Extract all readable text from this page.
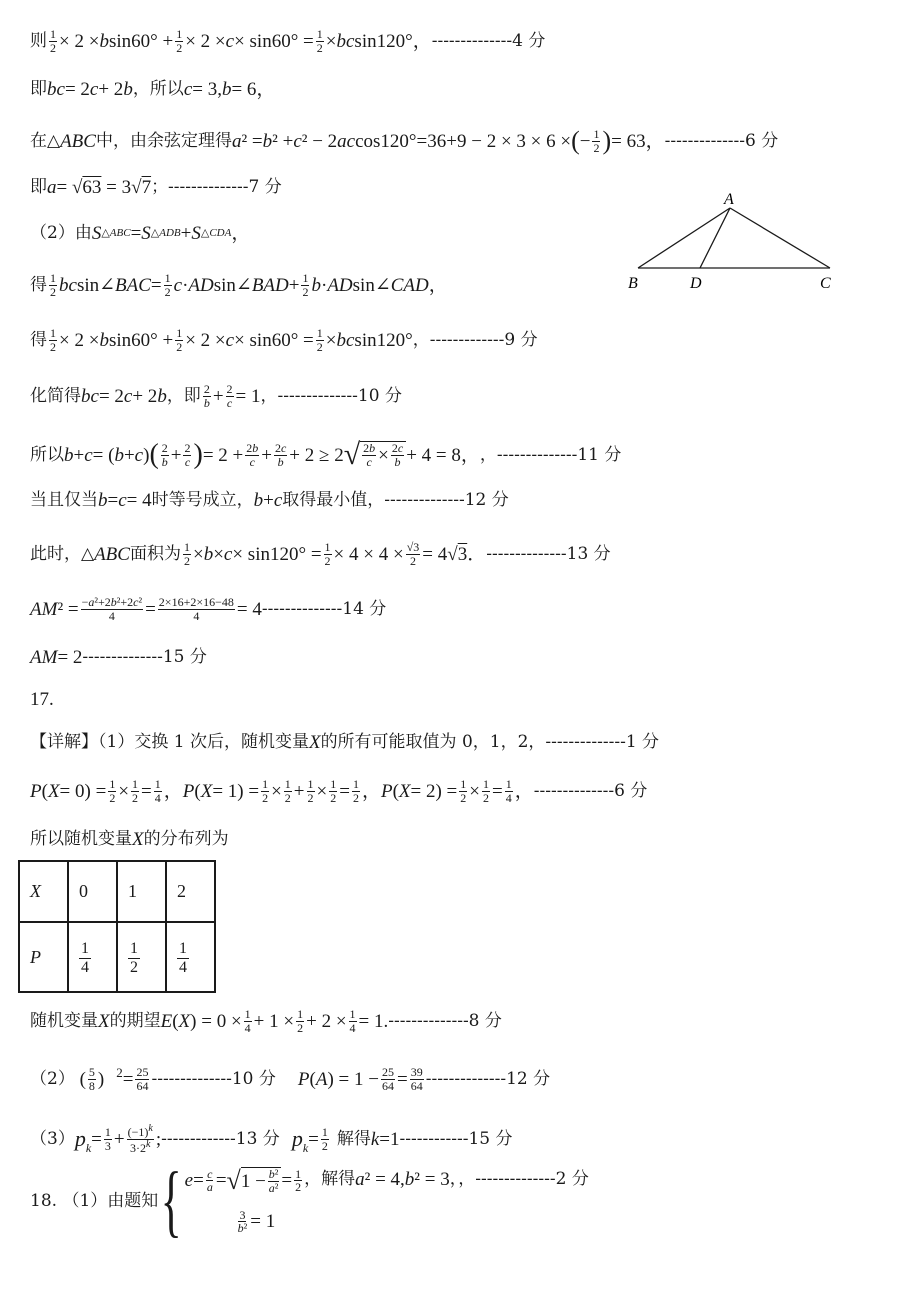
则 $\frac{1}{2} \times 2 \times b$ $\sin 60^\circ + \frac{1}{2} \times 2 \times c \times \sin 60^\circ = \frac{1}{2}$ × bc sin120°， --------------4 分
即 bc = 2 c + 2 b ，所以 c = 3, b = 6，
在△ ABC 中，由余弦定理得 a ² = b ² + c ² − 2 ac cos120° =36+9 − 2 × 3 × 6 × ( − $\frac{1}{2}$ ) = 63， --------------6 分
即 a = √63 = 3√7 ；--------------7 分
（2）由 S △ABC = S △ADB + S △CDA ，
得 $\frac{1}{2}$ bc sin∠ BAC = $\frac{1}{2}$ c · AD sin∠ BAD + $\frac{1}{2}$ b · AD sin∠ CAD ，
A
B	D	C
得 $\frac{1}{2} \times 2 \times b$ $\sin 60^\circ + \frac{1}{2} \times 2 \times c \times \sin 60^\circ = \frac{1}{2}$ × bc sin120° ，-------------9 分
化简得 bc = 2 c + 2 b ，即 $\frac{2}{b} + \frac{2}{c} = 1$ ，--------------10 分
所以 b + c = ( b + c ) ( $\frac{2}{b} + \frac{2}{c}$ ) = $2 + \frac{2b}{c} + \frac{2c}{b} + 2 \ge 2$ √ $\frac{2b}{c} \times \frac{2c}{b} + 4 = 8$， ，--------------11 分
当且仅当 b = c = 4 时等号成立， b + c 取得最小值， --------------12 分
此时，△ ABC 面积为 $\frac{1}{2} \times b \times c \times \sin 120^\circ = \frac{1}{2} \times 4 \times 4 \times \frac{√3}{2} = 4√3$． --------------13 分
AM $^2 = \frac{\text{−a²+2b²+2c²}}{4} = \frac{2\times 16+2\times 16-48}{4} = 4$ --------------14 分
AM = 2 --------------15 分
17.
【详解】（1）交换 1 次后，随机变量 X 的所有可能取值为 0，1，2， --------------1 分
P ( $X = 0) = \frac{1}{2} \times \frac{1}{2} = \frac{1}{4}$ ， P ( $X = 1) = \frac{1}{2} \times \frac{1}{2} + \frac{1}{2} \times \frac{1}{2} = \frac{1}{2}$ ， P ( $X = 2) = \frac{1}{2} \times \frac{1}{2} = \frac{1}{4}$ ， --------------6 分
所以随机变量 X 的分布列为
X	0	1	2
P	$\frac{1}{4}$	$\frac{1}{2}$	$\frac{1}{4}$
随机变量 X 的期望 E ( X ) = $0 \times \frac{1}{4} + 1 \times \frac{1}{2} + 2 \times \frac{1}{4} = 1$. --------------8 分
（2） ( $\frac{5}{8}$ ) $2 = \frac{25}{64} --------------10$ 分 P ( A ) = $1 - \frac{25}{64} = \frac{39}{64} --------------12$ 分
（3） p $k = \frac{1}{3} + \frac{(-1)^k}{3\cdot 2^k}$ ; -------------13 分 p $k = \frac{1}{2}$ 解得 k =1 ------------15 分
18. （1）由题知 { $e = \frac{c}{a}$ = √ $1 - \frac{\text{b²}}{\text{a²}} = \frac{1}{2}$
$\frac{3}{\text{b²}} = 1$
，解得 a ² = 4, b ² = 3 ，，--------------2 分
